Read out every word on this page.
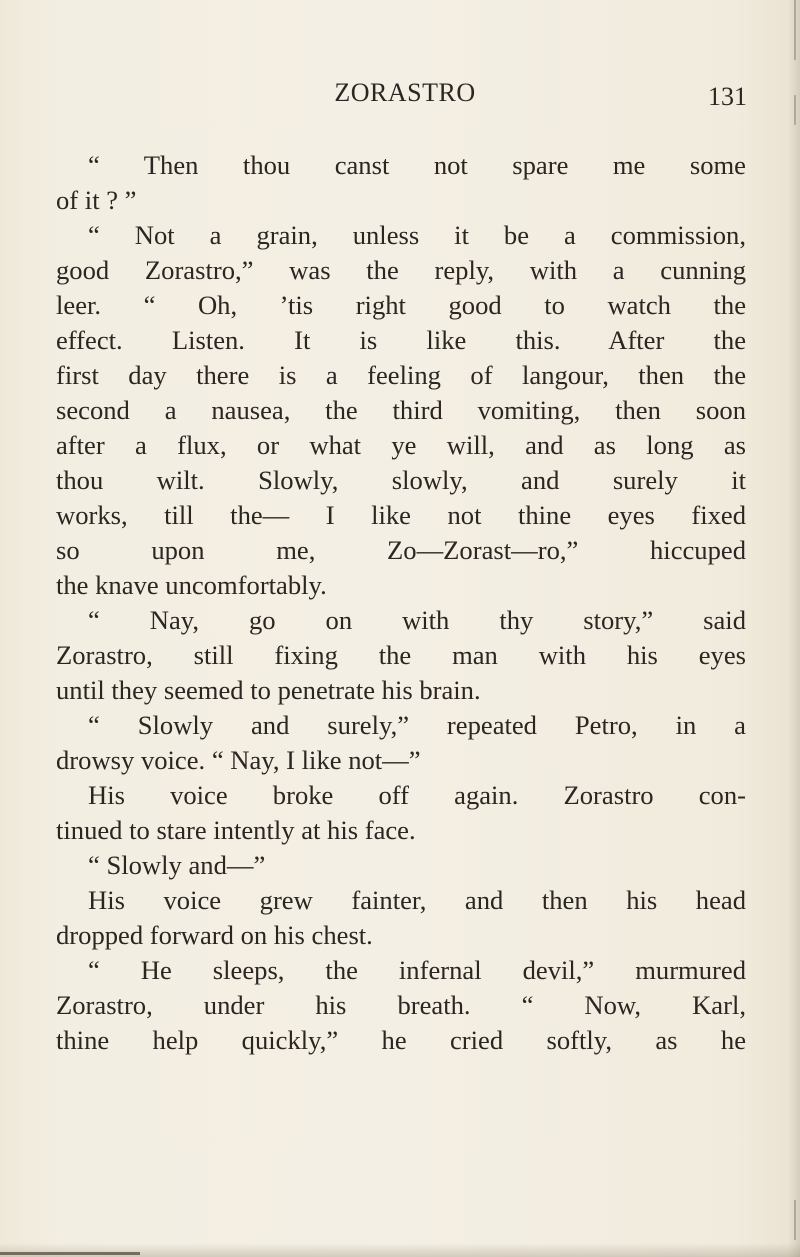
ZORASTRO	131
“ Then thou canst not spare me some
of it ? ”
“ Not a grain, unless it be a commission,
good Zorastro,” was the reply, with a cunning
leer. “ Oh, ’tis right good to watch the
effect. Listen. It is like this. After the
first day there is a feeling of langour, then the
second a nausea, the third vomiting, then soon
after a flux, or what ye will, and as long as
thou wilt. Slowly, slowly, and surely it
works, till the— I like not thine eyes fixed
so upon me, Zo—Zorast—ro,” hiccuped
the knave uncomfortably.
“ Nay, go on with thy story,” said
Zorastro, still fixing the man with his eyes
until they seemed to penetrate his brain.
“ Slowly and surely,” repeated Petro, in a
drowsy voice. “ Nay, I like not—”
His voice broke off again. Zorastro con-
tinued to stare intently at his face.
“ Slowly and—”
His voice grew fainter, and then his head
dropped forward on his chest.
“ He sleeps, the infernal devil,” murmured
Zorastro, under his breath. “ Now, Karl,
thine help quickly,” he cried softly, as he
